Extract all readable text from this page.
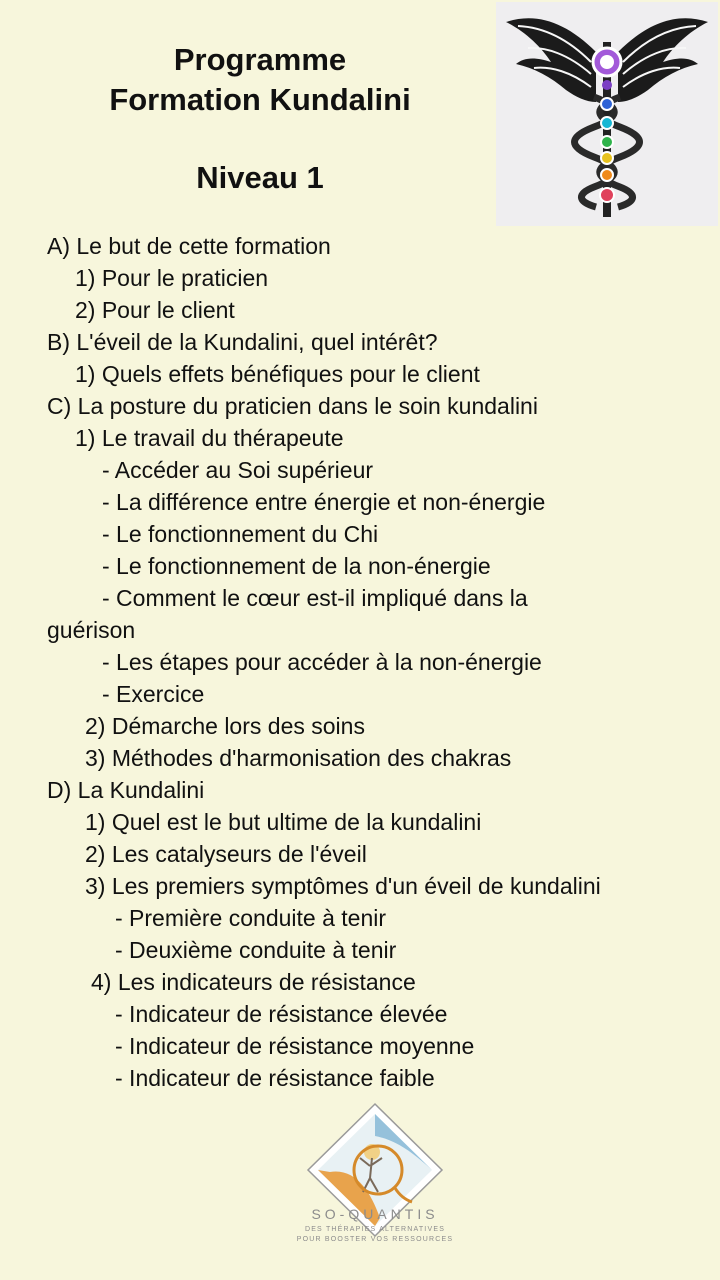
Programme
Formation Kundalini
Niveau 1
A) Le but de cette formation
1) Pour le praticien
2) Pour le client
B) L'éveil de la Kundalini, quel intérêt?
1) Quels effets bénéfiques pour le client
C) La posture du praticien dans le soin kundalini
1) Le travail du thérapeute
- Accéder au Soi supérieur
- La différence entre énergie et non-énergie
- Le fonctionnement du Chi
- Le fonctionnement de la non-énergie
- Comment le cœur est-il impliqué dans la
guérison
- Les étapes pour accéder à la non-énergie
- Exercice
2) Démarche lors des soins
3) Méthodes d'harmonisation des chakras
D) La Kundalini
1) Quel est le but ultime de la kundalini
2) Les catalyseurs de l'éveil
3) Les premiers symptômes d'un éveil de kundalini
- Première conduite à tenir
- Deuxième conduite à tenir
4) Les indicateurs de résistance
- Indicateur de résistance élevée
- Indicateur de résistance moyenne
- Indicateur de résistance faible
SO-QUANTIS
DES THÉRAPIES ALTERNATIVES
POUR BOOSTER VOS RESSOURCES
